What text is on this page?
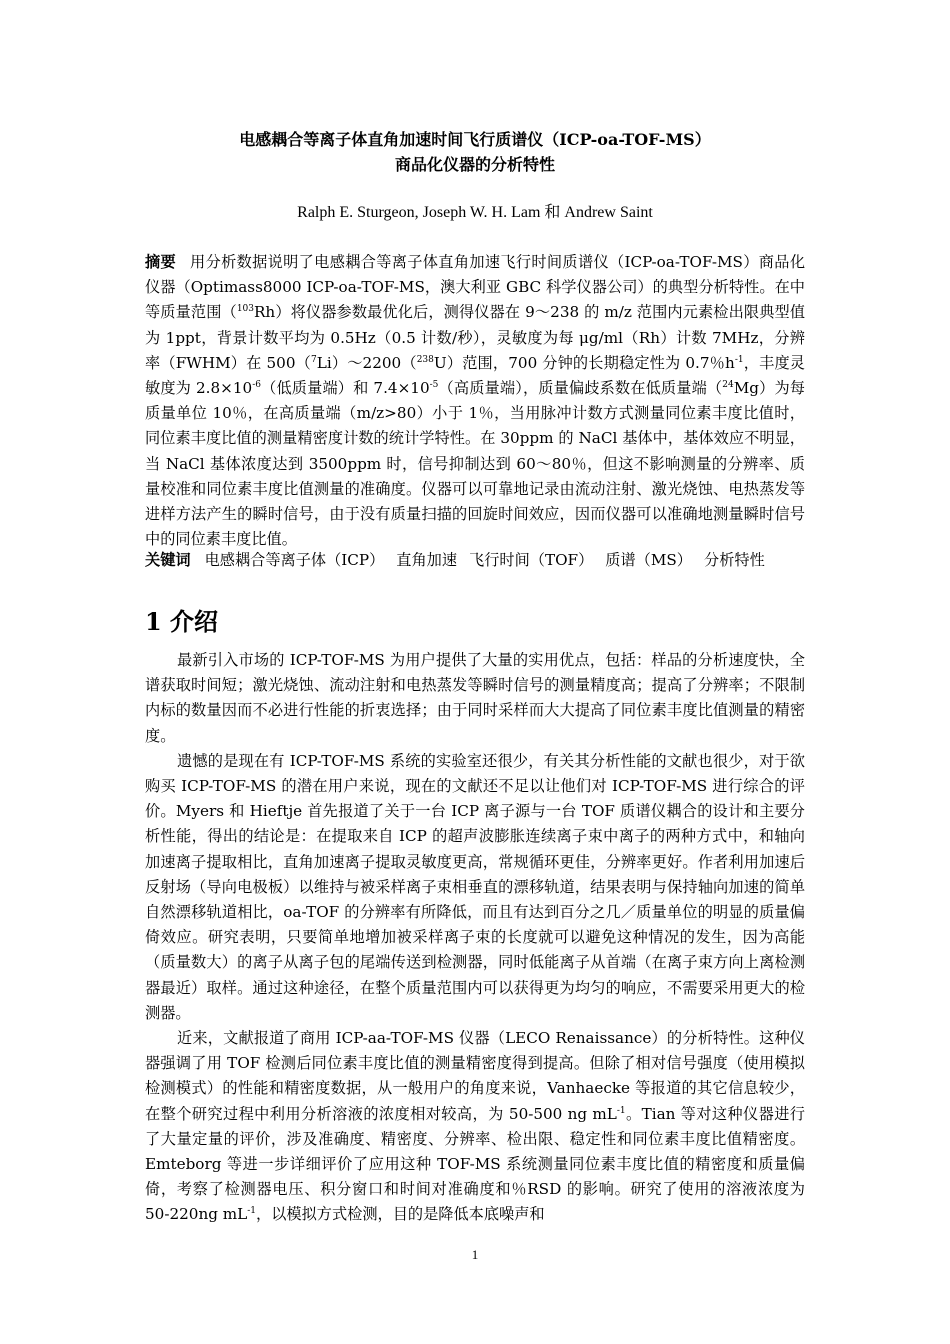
电感耦合等离子体直角加速时间飞行质谱仪（ICP-oa-TOF-MS）
商品化仪器的分析特性
Ralph E. Sturgeon, Joseph W. H. Lam 和 Andrew Saint
摘要 用分析数据说明了电感耦合等离子体直角加速飞行时间质谱仪（ICP-oa-TOF-MS）商品化仪器（Optimass8000 ICP-oa-TOF-MS，澳大利亚 GBC 科学仪器公司）的典型分析特性。在中等质量范围（$^{103}$Rh）将仪器参数最优化后，测得仪器在 9～238 的 m/z 范围内元素检出限典型值为 1ppt，背景计数平均为 0.5Hz（0.5 计数/秒），灵敏度为每 μg/ml（Rh）计数 7MHz，分辨率（FWHM）在 500（$^7$Li）～2200（$^{238}$U）范围，700 分钟的长期稳定性为 0.7％$h^{-1}$，丰度灵敏度为 $2.8\times 10^{-6}$（低质量端）和 $7.4\times 10^{-5}$（高质量端），质量偏歧系数在低质量端（$^{24}$Mg）为每质量单位 10％，在高质量端（m/z>80）小于 1％，当用脉冲计数方式测量同位素丰度比值时，同位素丰度比值的测量精密度计数的统计学特性。在 30ppm 的 NaCl 基体中，基体效应不明显，当 NaCl 基体浓度达到 3500ppm 时，信号抑制达到 60～80％，但这不影响测量的分辨率、质量校准和同位素丰度比值测量的准确度。仪器可以可靠地记录由流动注射、激光烧蚀、电热蒸发等进样方法产生的瞬时信号，由于没有质量扫描的回旋时间效应，因而仪器可以准确地测量瞬时信号中的同位素丰度比值。
关键词 电感耦合等离子体（ICP） 直角加速 飞行时间（TOF） 质谱（MS） 分析特性
1 介绍

最新引入市场的 ICP-TOF-MS 为用户提供了大量的实用优点，包括：样品的分析速度快，全谱获取时间短；激光烧蚀、流动注射和电热蒸发等瞬时信号的测量精度高；提高了分辨率；不限制内标的数量因而不必进行性能的折衷选择；由于同时采样而大大提高了同位素丰度比值测量的精密度。

遗憾的是现在有 ICP-TOF-MS 系统的实验室还很少，有关其分析性能的文献也很少，对于欲购买 ICP-TOF-MS 的潜在用户来说，现在的文献还不足以让他们对 ICP-TOF-MS 进行综合的评价。Myers 和 Hieftje 首先报道了关于一台 ICP 离子源与一台 TOF 质谱仪耦合的设计和主要分析性能，得出的结论是：在提取来自 ICP 的超声波膨胀连续离子束中离子的两种方式中，和轴向加速离子提取相比，直角加速离子提取灵敏度更高，常规循环更佳，分辨率更好。作者利用加速后反射场（导向电极板）以维持与被采样离子束相垂直的漂移轨道，结果表明与保持轴向加速的简单自然漂移轨道相比，oa-TOF 的分辨率有所降低，而且有达到百分之几／质量单位的明显的质量偏倚效应。研究表明，只要简单地增加被采样离子束的长度就可以避免这种情况的发生，因为高能（质量数大）的离子从离子包的尾端传送到检测器，同时低能离子从首端（在离子束方向上离检测器最近）取样。通过这种途径，在整个质量范围内可以获得更为均匀的响应，不需要采用更大的检测器。

近来，文献报道了商用 ICP-aa-TOF-MS 仪器（LECO Renaissance）的分析特性。这种仪器强调了用 TOF 检测后同位素丰度比值的测量精密度得到提高。但除了相对信号强度（使用模拟检测模式）的性能和精密度数据，从一般用户的角度来说，Vanhaecke 等报道的其它信息较少，在整个研究过程中利用分析溶液的浓度相对较高，为 50-500 ng $mL^{-1}$。Tian 等对这种仪器进行了大量定量的评价，涉及准确度、精密度、分辨率、检出限、稳定性和同位素丰度比值精密度。Emteborg 等进一步详细评价了应用这种 TOF-MS 系统测量同位素丰度比值的精密度和质量偏倚，考察了检测器电压、积分窗口和时间对准确度和％RSD 的影响。研究了使用的溶液浓度为 50-220ng $mL^{-1}$，以模拟方式检测，目的是降低本底噪声和

1
